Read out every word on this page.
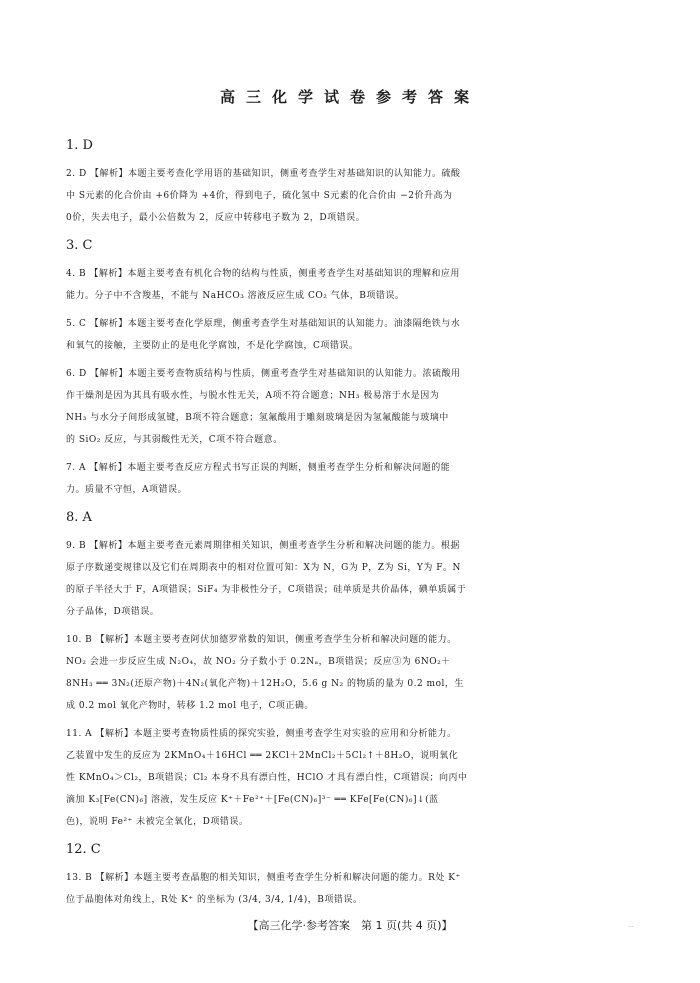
高三化学试卷参考答案
1. D
2. D 【解析】本题主要考查化学用语的基础知识，侧重考查学生对基础知识的认知能力。硫酸
中 S元素的化合价由 +6价降为 +4价，得到电子，硫化氢中 S元素的化合价由 −2价升高为
0价，失去电子，最小公倍数为 2，反应中转移电子数为 2，D项错误。
3. C
4. B 【解析】本题主要考查有机化合物的结构与性质，侧重考查学生对基础知识的理解和应用
能力。分子中不含羧基，不能与 NaHCO₃ 溶液反应生成 CO₂ 气体，B项错误。
5. C 【解析】本题主要考查化学原理，侧重考查学生对基础知识的认知能力。油漆隔绝铁与水
和氧气的接触，主要防止的是电化学腐蚀，不是化学腐蚀，C项错误。
6. D 【解析】本题主要考查物质结构与性质，侧重考查学生对基础知识的认知能力。浓硫酸用
作干燥剂是因为其具有吸水性，与脱水性无关，A项不符合题意；NH₃ 极易溶于水是因为
NH₃ 与水分子间形成氢键，B项不符合题意；氢氟酸用于雕刻玻璃是因为氢氟酸能与玻璃中
的 SiO₂ 反应，与其弱酸性无关，C项不符合题意。
7. A 【解析】本题主要考查反应方程式书写正误的判断，侧重考查学生分析和解决问题的能
力。质量不守恒，A项错误。
8. A
9. B 【解析】本题主要考查元素周期律相关知识，侧重考查学生分析和解决问题的能力。根据
原子序数递变规律以及它们在周期表中的相对位置可知：X为 N，G为 P，Z为 Si，Y为 F。N
的原子半径大于 F，A项错误；SiF₄ 为非极性分子，C项错误；硅单质是共价晶体，碘单质属于
分子晶体，D项错误。
10. B 【解析】本题主要考查阿伏加德罗常数的知识，侧重考查学生分析和解决问题的能力。
NO₂ 会进一步反应生成 N₂O₄，故 NO₂ 分子数小于 0.2Nₐ，B项错误；反应③为 6NO₂＋
8NH₃ ══ 3N₂(还原产物)＋4N₂(氧化产物)＋12H₂O，5.6 g N₂ 的物质的量为 0.2 mol，生
成 0.2 mol 氧化产物时，转移 1.2 mol 电子，C项正确。
11. A 【解析】本题主要考查物质性质的探究实验，侧重考查学生对实验的应用和分析能力。
乙装置中发生的反应为 2KMnO₄＋16HCl ══ 2KCl＋2MnCl₂＋5Cl₂↑＋8H₂O，说明氧化
性 KMnO₄＞Cl₂，B项错误；Cl₂ 本身不具有漂白性，HClO 才具有漂白性，C项错误；向丙中
滴加 K₃[Fe(CN)₆] 溶液，发生反应 K⁺＋Fe²⁺＋[Fe(CN)₆]³⁻ ══ KFe[Fe(CN)₆]↓(蓝
色)，说明 Fe²⁺ 未被完全氧化，D项错误。
12. C
13. B 【解析】本题主要考查晶胞的相关知识，侧重考查学生分析和解决问题的能力。R处 K⁺
位于晶胞体对角线上，R处 K⁺ 的坐标为 (3/4, 3/4, 1/4)，B项错误。
【高三化学·参考答案　第 1 页(共 4 页)】	...
